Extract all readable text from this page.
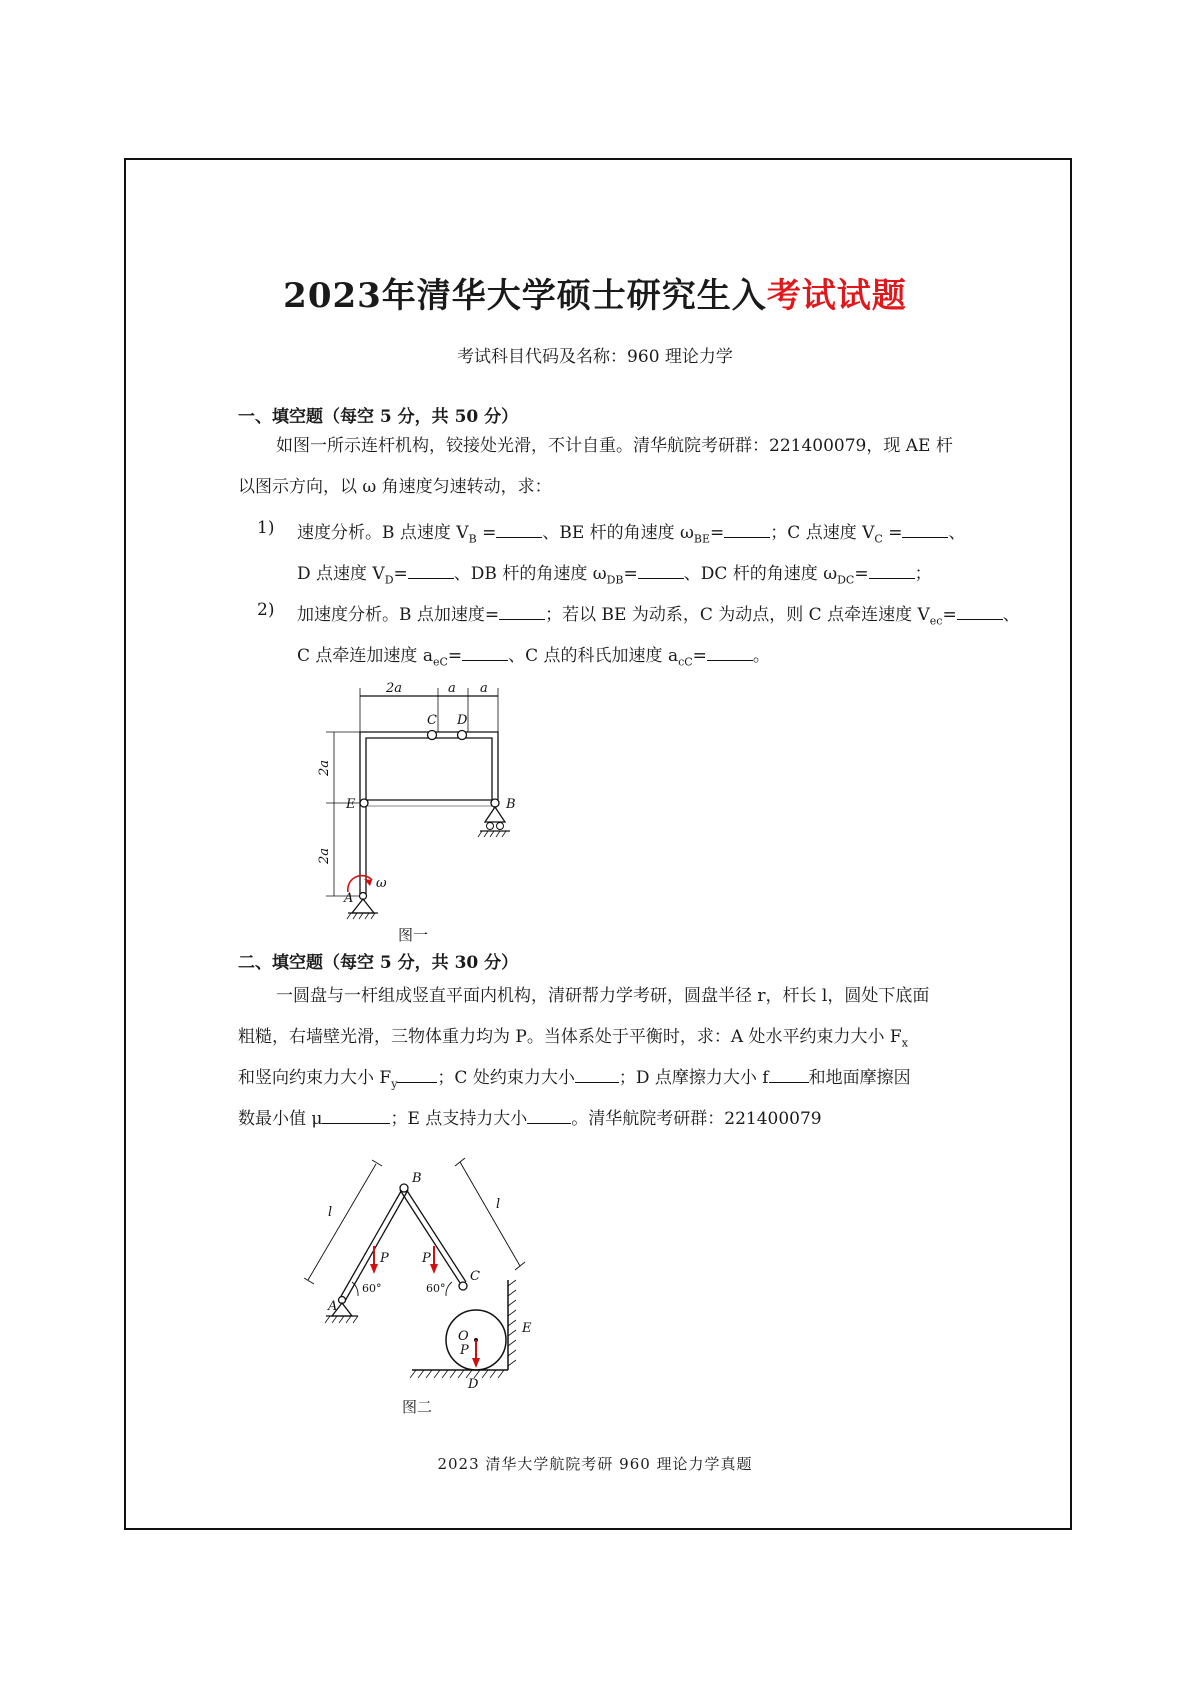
2023年清华大学硕士研究生入考试试题
考试科目代码及名称：960 理论力学
一、填空题（每空 5 分，共 50 分）

如图一所示连杆机构，铰接处光滑，不计自重。清华航院考研群：221400079，现 AE 杆以图示方向，以 ω 角速度匀速转动，求：

1) 速度分析。B 点速度 $V_B$ =	、BE 杆的角速度 $\omega_{BE}=$	；C 点速度 $V_C$ =	、
D 点速度 $V_D=$	、DB 杆的角速度 $\omega_{DB}=$	、DC 杆的角速度 $\omega_{DC}=$	；
2) 加速度分析。B 点加速度=	；若以 BE 为动系，C 为动点，则 C 点牵连速度 $V_{ec}=$	、
C 点牵连加速度 $a_{eC}=$	、C 点的科氏加速度 $a_{cC}=$	。
2a	a a
C D
E	B
A
ω
2a
2a
图一
二、填空题（每空 5 分，共 30 分）
一圆盘与一杆组成竖直平面内机构，清研帮力学考研，圆盘半径 r，杆长 l，圆处下底面
粗糙，右墙壁光滑，三物体重力均为 P。当体系处于平衡时，求：A 处水平约束力大小 $F_x$
和竖向约束力大小 $F_y$ ；C 处约束力大小	；D 点摩擦力大小 f 和地面摩擦因
数最小值 μ	；E 点支持力大小	。清华航院考研群：221400079
B
A
C
O
D
E
l
l
P	P
P
60°	60°
图二
2023 清华大学航院考研 960 理论力学真题
